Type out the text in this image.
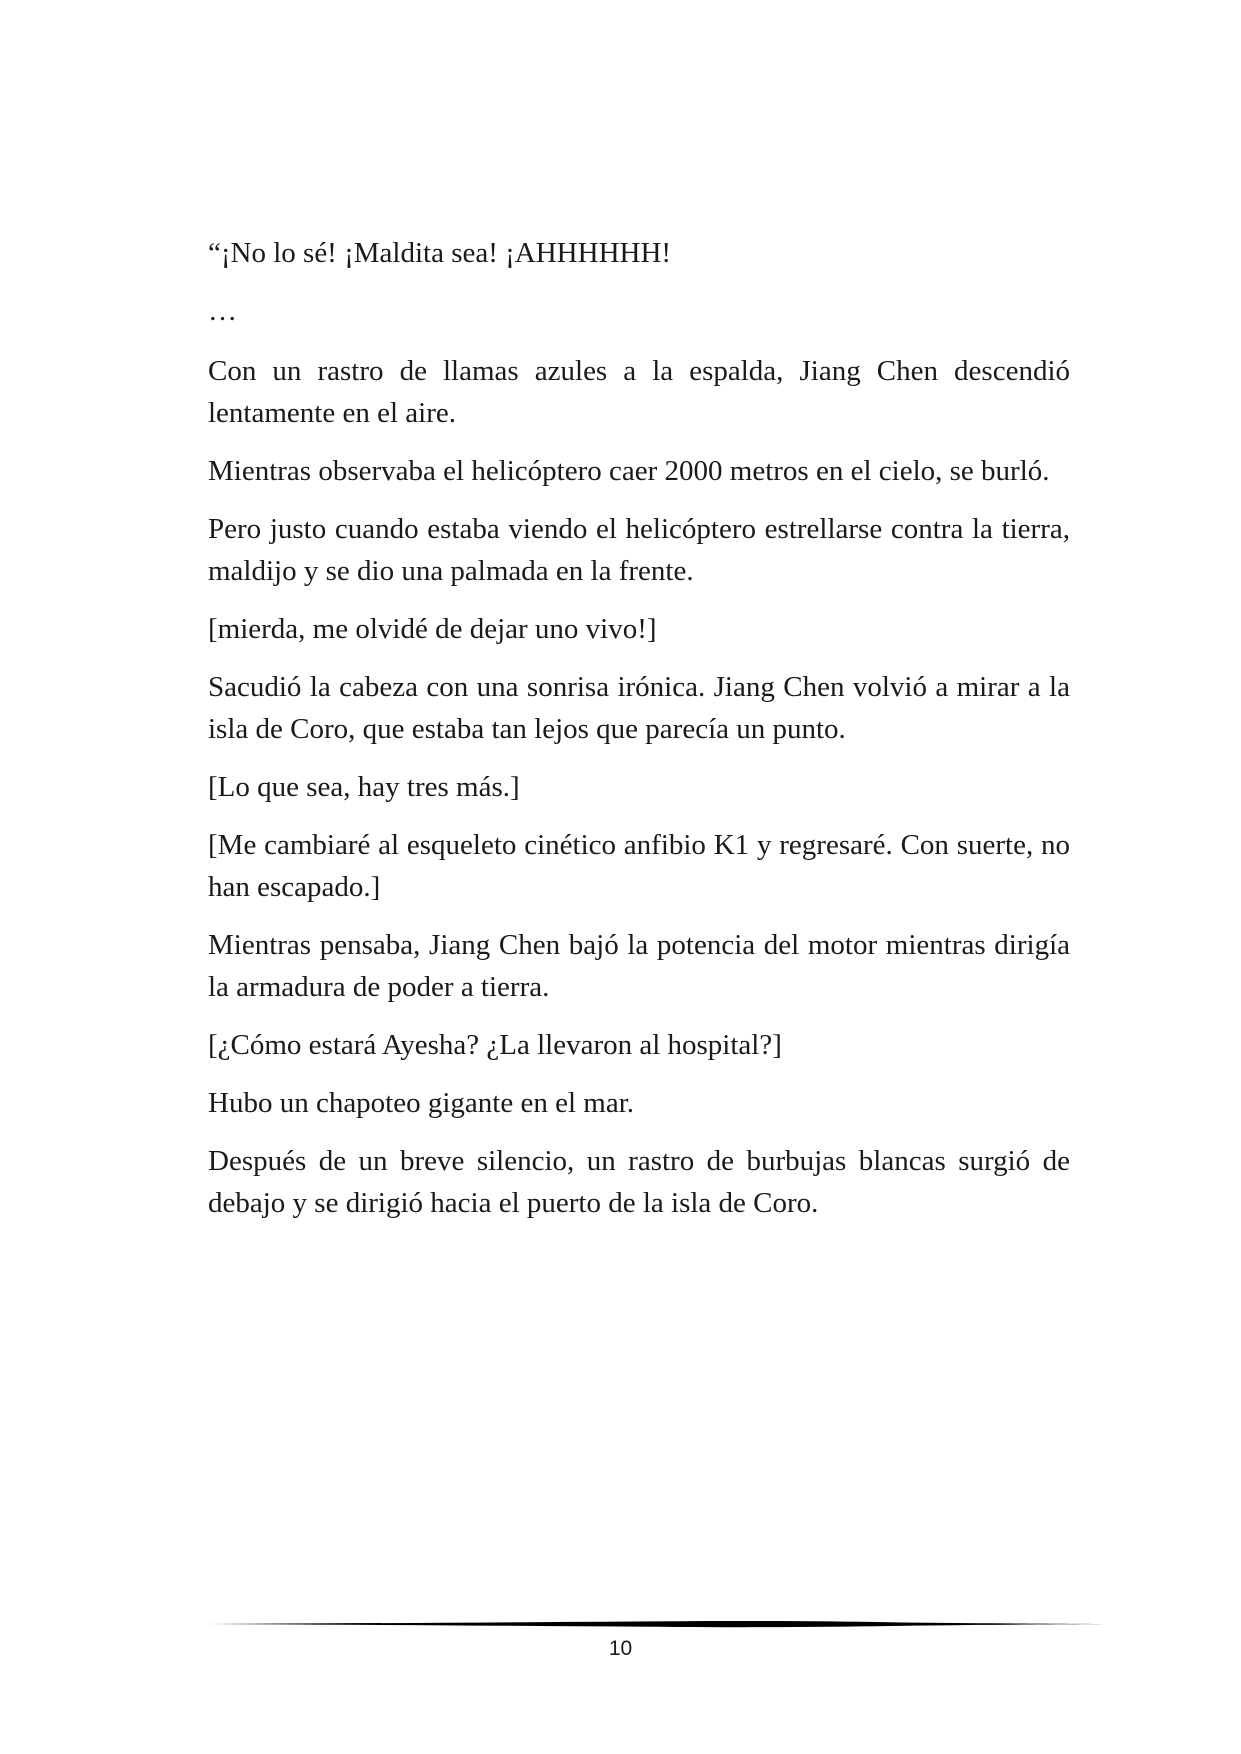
“¡No lo sé! ¡Maldita sea! ¡AHHHHHH!

…

Con un rastro de llamas azules a la espalda, Jiang Chen descendió lentamente en el aire.

Mientras observaba el helicóptero caer 2000 metros en el cielo, se burló.

Pero justo cuando estaba viendo el helicóptero estrellarse contra la tierra, maldijo y se dio una palmada en la frente.

[mierda, me olvidé de dejar uno vivo!]

Sacudió la cabeza con una sonrisa irónica. Jiang Chen volvió a mirar a la isla de Coro, que estaba tan lejos que parecía un punto.

[Lo que sea, hay tres más.]

[Me cambiaré al esqueleto cinético anfibio K1 y regresaré. Con suerte, no han escapado.]

Mientras pensaba, Jiang Chen bajó la potencia del motor mientras dirigía la armadura de poder a tierra.

[¿Cómo estará Ayesha? ¿La llevaron al hospital?]

Hubo un chapoteo gigante en el mar.

Después de un breve silencio, un rastro de burbujas blancas surgió de debajo y se dirigió hacia el puerto de la isla de Coro.

10
